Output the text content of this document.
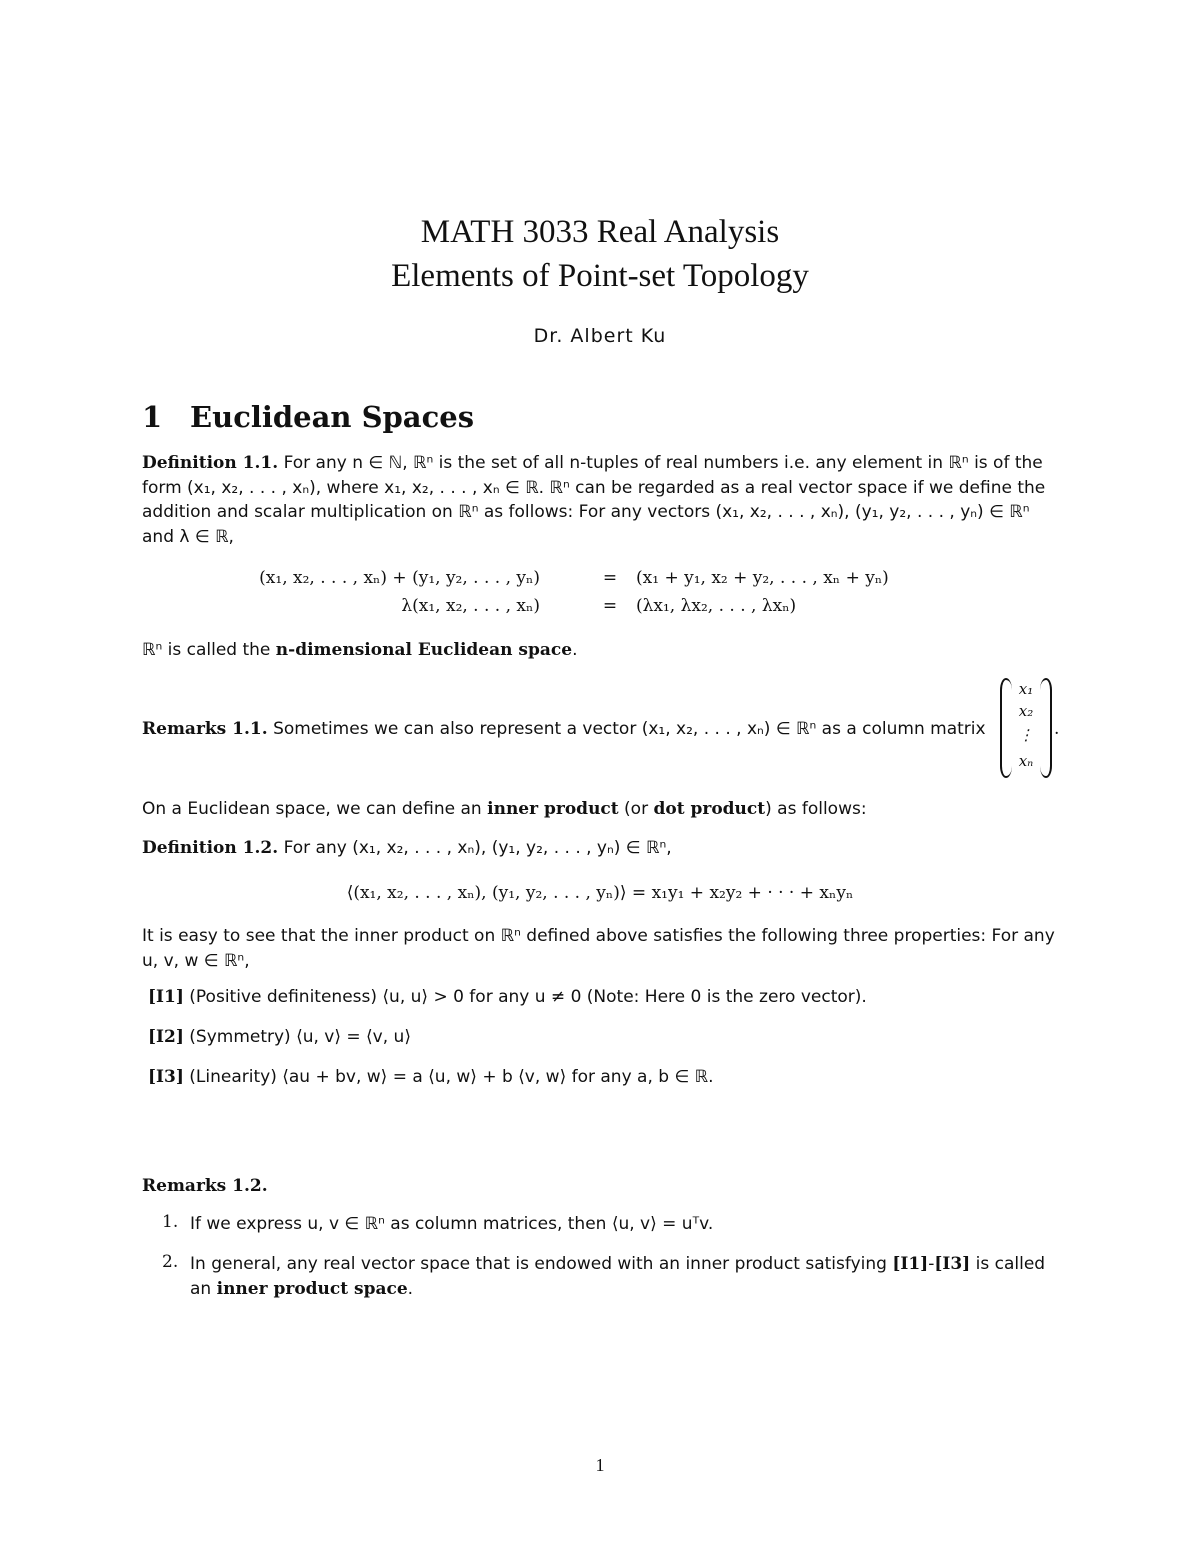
MATH 3033 Real Analysis
Elements of Point-set Topology
Dr. Albert Ku
1 Euclidean Spaces
Definition 1.1. For any n ∈ ℕ, ℝⁿ is the set of all n-tuples of real numbers i.e. any element in ℝⁿ is of the form (x₁, x₂, . . . , xₙ), where x₁, x₂, . . . , xₙ ∈ ℝ. ℝⁿ can be regarded as a real vector space if we define the addition and scalar multiplication on ℝⁿ as follows: For any vectors (x₁, x₂, . . . , xₙ), (y₁, y₂, . . . , yₙ) ∈ ℝⁿ and λ ∈ ℝ,
(x₁, x₂, . . . , xₙ) + (y₁, y₂, . . . , yₙ)	=	(x₁ + y₁, x₂ + y₂, . . . , xₙ + yₙ)
λ(x₁, x₂, . . . , xₙ)	=	(λx₁, λx₂, . . . , λxₙ)
ℝⁿ is called the n-dimensional Euclidean space.
Remarks 1.1. Sometimes we can also represent a vector (x₁, x₂, . . . , xₙ) ∈ ℝⁿ as a column matrix
x₁
x₂
⋮
xₙ
.
On a Euclidean space, we can define an inner product (or dot product) as follows:
Definition 1.2. For any (x₁, x₂, . . . , xₙ), (y₁, y₂, . . . , yₙ) ∈ ℝⁿ,
⟨(x₁, x₂, . . . , xₙ), (y₁, y₂, . . . , yₙ)⟩ = x₁y₁ + x₂y₂ + · · · + xₙyₙ
It is easy to see that the inner product on ℝⁿ defined above satisfies the following three properties: For any u, v, w ∈ ℝⁿ,
[I1] (Positive definiteness) ⟨u, u⟩ > 0 for any u ≠ 0 (Note: Here 0 is the zero vector).
[I2] (Symmetry) ⟨u, v⟩ = ⟨v, u⟩
[I3] (Linearity) ⟨au + bv, w⟩ = a ⟨u, w⟩ + b ⟨v, w⟩ for any a, b ∈ ℝ.
Remarks 1.2.
1. If we express u, v ∈ ℝⁿ as column matrices, then ⟨u, v⟩ = uᵀv.
2. In general, any real vector space that is endowed with an inner product satisfying [I1]-[I3] is called an inner product space.
1
